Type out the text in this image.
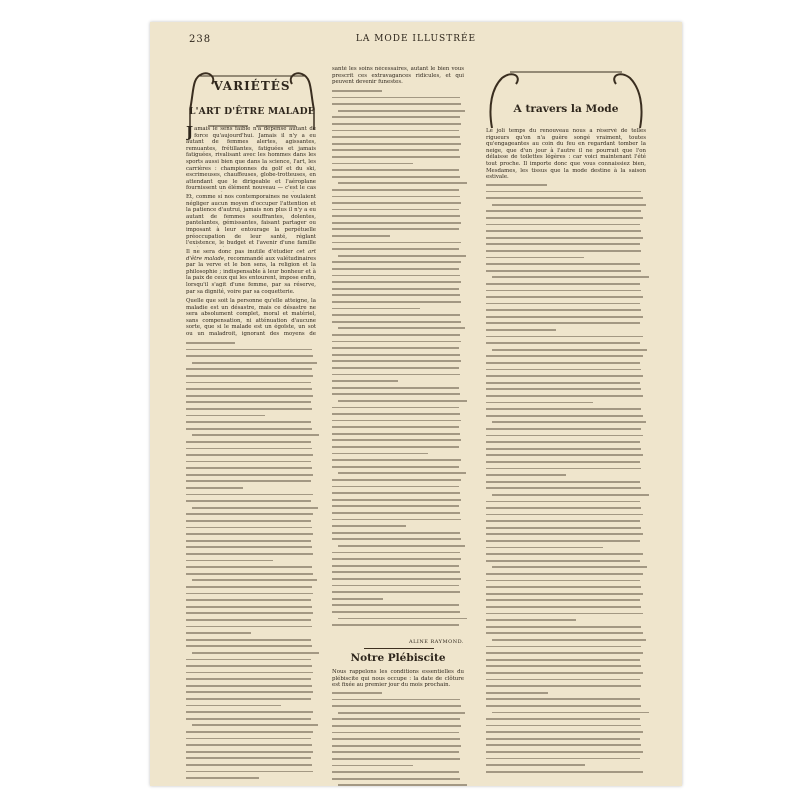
238	LA MODE ILLUSTRÉE
VARIÉTÉS
L'ART D'ÊTRE MALADE
J amais le sens faible n'a dépensé autant de force qu'aujourd'hui. Jamais il n'y a eu autant de femmes alertes, agissantes, remuantes, frétillantes, fatiguées et jamais fatiguées, rivalisant avec les hommes dans les sports aussi bien que dans la science, l'art, les carrières : championnes du golf et du ski, escrimeuses, chauffeuses, globe-trotteuses, en attendant que le dirigeable et l'aéroplane fournissent un élément nouveau — c'est le cas
Et, comme si nos contemporaines ne voulaient négliger aucun moyen d'occuper l'attention et la patience d'autrui, jamais non plus il n'y a eu autant de femmes souffrantes, dolentes, pantelantes, gémissantes, faisant partager ou imposant à leur entourage la perpétuelle préoccupation de leur santé, réglant l'existence, le budget et l'avenir d'une famille
Il ne sera donc pas inutile d'étudier cet art d'être malade, recommandé aux valétudinaires par la verve et le bon sens, la religion et la philosophie ; indispensable à leur bonheur et à la paix de ceux qui les entourent, impose enfin, lorsqu'il s'agit d'une femme, par sa réserve, par sa dignité, voire par sa coquetterie.
Quelle que soit la personne qu'elle atteigne, la maladie est un désastre, mais ce désastre ne sera absolument complet, moral et matériel, sans compensation, ni atténuation d'aucune sorte, que si le malade est un égoïste, un sot ou un maladroit, ignorant des moyens de
santé les soins nécessaires, autant le bien vous prescrit ces extravagances ridicules, et qui peuvent devenir funestes.
ALINE RAYMOND.
Notre Plébiscite
Nous rappelons les conditions essentielles du plébiscite qui nous occupe : la date de clôture est fixée au premier jour du mois prochain.
A travers la Mode
Le joli temps du renouveau nous a réservé de telles rigueurs qu'on n'a guère songé vraiment, toutes qu'engageantes au coin du feu en regardant tomber la neige, que d'un jour à l'autre il ne pourrait que l'on délaisse de toilettes légères : car voici maintenant l'été tout proche. Il importe donc que vous connaissiez bien, Mesdames, les tissus que la mode destine à la saison estivale.
